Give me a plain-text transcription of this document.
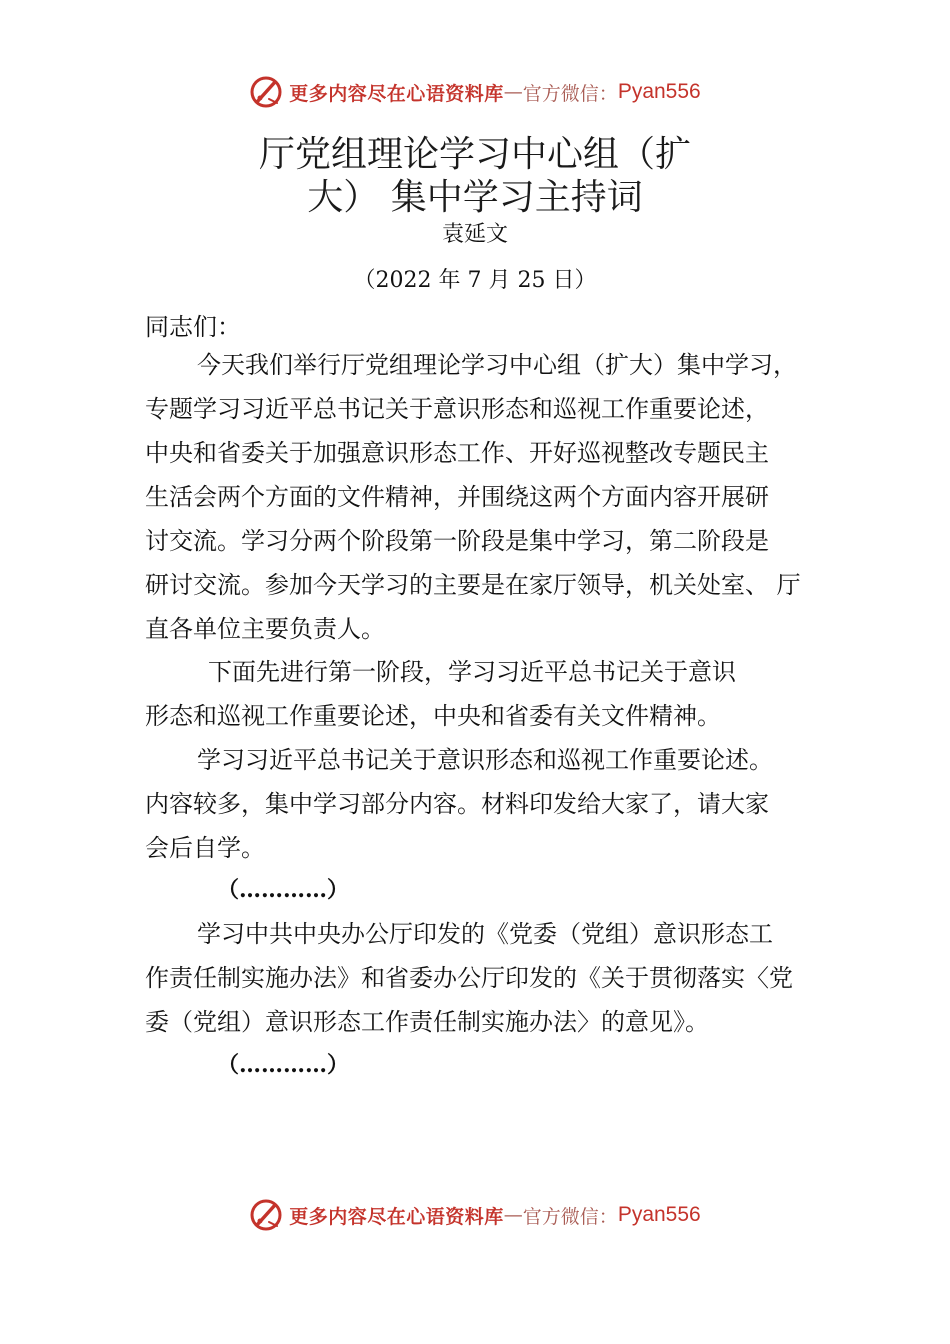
更多内容尽在心语资料库 — 官方微信： Pyan556
厅党组理论学习中心组（扩
大） 集中学习主持词
袁延文
（2022 年 7 月 25 日）
同志们：
今天我们举行厅党组理论学习中心组（扩大）集中学习，
专题学习习近平总书记关于意识形态和巡视工作重要论述，
中央和省委关于加强意识形态工作、开好巡视整改专题民主
生活会两个方面的文件精神，并围绕这两个方面内容开展研
讨交流。学习分两个阶段第一阶段是集中学习，第二阶段是
研讨交流。参加今天学习的主要是在家厅领导，机关处室、 厅
直各单位主要负责人。
下面先进行第一阶段，学习习近平总书记关于意识
形态和巡视工作重要论述，中央和省委有关文件精神。
学习习近平总书记关于意识形态和巡视工作重要论述。
内容较多，集中学习部分内容。材料印发给大家了，请大家
会后自学。
（…………）
学习中共中央办公厅印发的《党委（党组）意识形态工
作责任制实施办法》和省委办公厅印发的《关于贯彻落实〈党
委（党组）意识形态工作责任制实施办法〉的意见》。
（…………）
更多内容尽在心语资料库 — 官方微信： Pyan556
